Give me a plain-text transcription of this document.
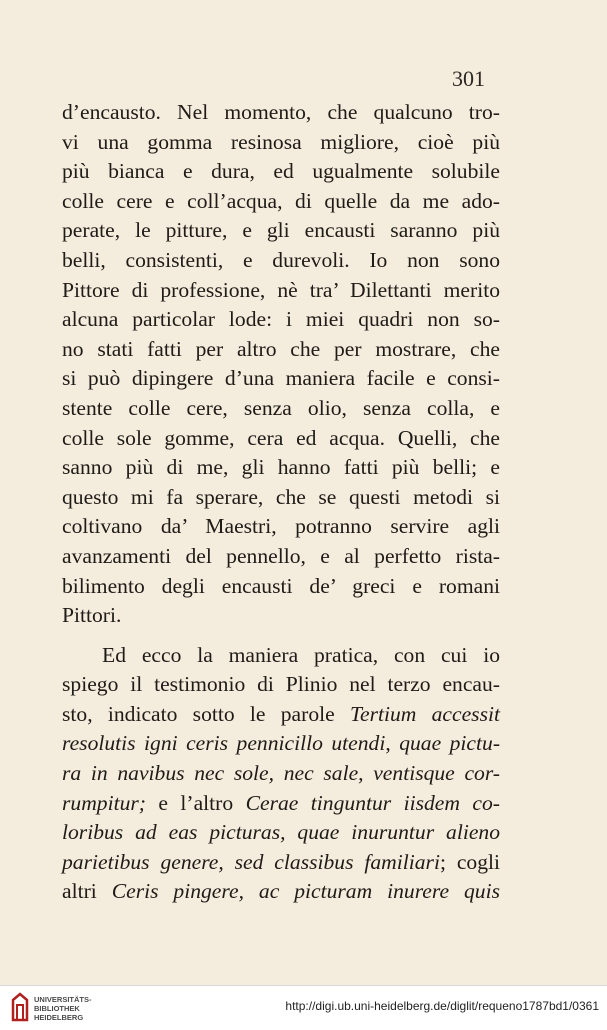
301
d’encausto. Nel momento, che qualcuno tro-
vi una gomma resinosa migliore, cioè più
più bianca e dura, ed ugualmente solubile
colle cere e coll’acqua, di quelle da me ado-
perate, le pitture, e gli encausti saranno più
belli, consistenti, e durevoli. Io non sono
Pittore di professione, nè tra’ Dilettanti merito
alcuna particolar lode: i miei quadri non so-
no stati fatti per altro che per mostrare, che
si può dipingere d’una maniera facile e consi-
stente colle cere, senza olio, senza colla, e
colle sole gomme, cera ed acqua. Quelli, che
sanno più di me, gli hanno fatti più belli; e
questo mi fa sperare, che se questi metodi si
coltivano da’ Maestri, potranno servire agli
avanzamenti del pennello, e al perfetto rista-
bilimento degli encausti de’ greci e romani
Pittori.
Ed ecco la maniera pratica, con cui io
spiego il testimonio di Plinio nel terzo encau-
sto, indicato sotto le parole Tertium accessit
resolutis igni ceris pennicillo utendi, quae pictu-
ra in navibus nec sole, nec sale, ventisque cor-
rumpitur; e l’altro Cerae tinguntur iisdem co-
loribus ad eas picturas, quae inuruntur alieno
parietibus genere, sed classibus familiari; cogli
altri Ceris pingere, ac picturam inurere quis
UNIVERSITÄTS-
BIBLIOTHEK
HEIDELBERG
http://digi.ub.uni-heidelberg.de/diglit/requeno1787bd1/0361
